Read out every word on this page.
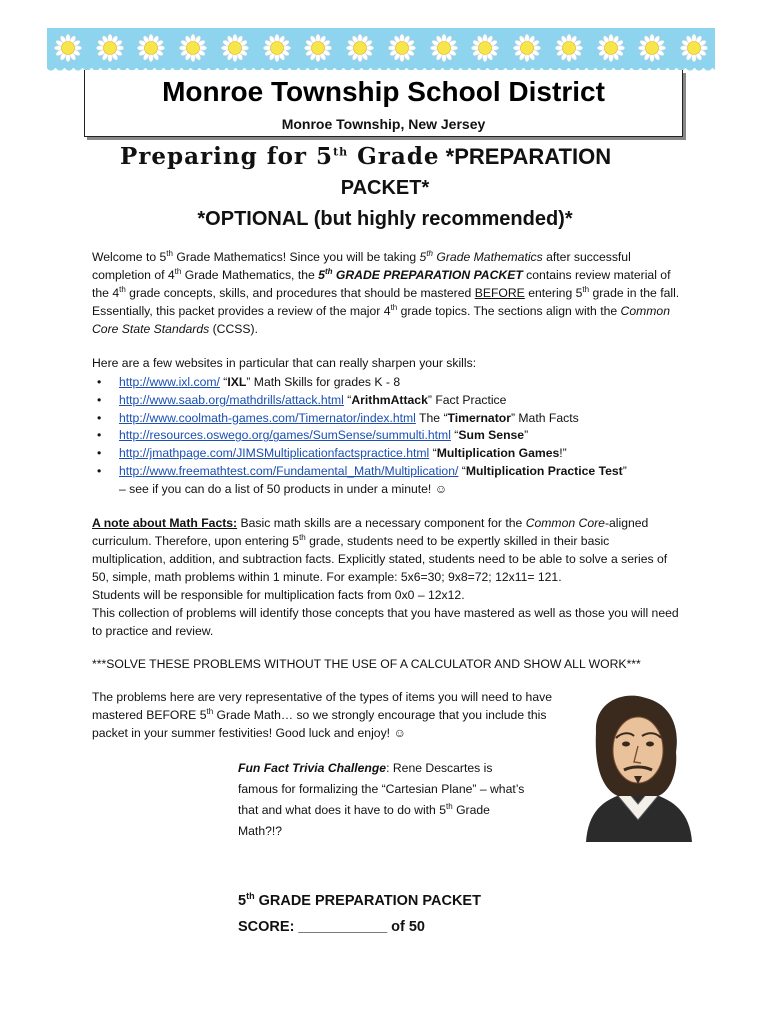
Monroe Township School District
Monroe Township, New Jersey
Preparing for 5th Grade *PREPARATION
PACKET*
*OPTIONAL (but highly recommended)*
Welcome to 5th Grade Mathematics! Since you will be taking 5th Grade Mathematics after successful completion of 4th Grade Mathematics, the 5th GRADE PREPARATION PACKET contains review material of the 4th grade concepts, skills, and procedures that should be mastered BEFORE entering 5th grade in the fall. Essentially, this packet provides a review of the major 4th grade topics. The sections align with the Common Core State Standards (CCSS).
Here are a few websites in particular that can really sharpen your skills:
• http://www.ixl.com/ “IXL” Math Skills for grades K - 8
• http://www.saab.org/mathdrills/attack.html “ArithmAttack” Fact Practice
• http://www.coolmath-games.com/Timernator/index.html The “Timernator” Math Facts
• http://resources.oswego.org/games/SumSense/summulti.html “Sum Sense”
• http://jmathpage.com/JIMSMultiplicationfactspractice.html “Multiplication Games!”
• http://www.freemathtest.com/Fundamental_Math/Multiplication/ “Multiplication Practice Test”
– see if you can do a list of 50 products in under a minute! ☺
A note about Math Facts: Basic math skills are a necessary component for the Common Core-aligned curriculum. Therefore, upon entering 5th grade, students need to be expertly skilled in their basic multiplication, addition, and subtraction facts. Explicitly stated, students need to be able to solve a series of 50, simple, math problems within 1 minute. For example: 5x6=30; 9x8=72; 12x11= 121.
Students will be responsible for multiplication facts from 0x0 – 12x12.
This collection of problems will identify those concepts that you have mastered as well as those you will need to practice and review.
***SOLVE THESE PROBLEMS WITHOUT THE USE OF A CALCULATOR AND SHOW ALL WORK***
The problems here are very representative of the types of items you will need to have mastered BEFORE 5th Grade Math… so we strongly encourage that you include this packet in your summer festivities! Good luck and enjoy! ☺
Fun Fact Trivia Challenge: Rene Descartes is famous for formalizing the “Cartesian Plane” – what’s that and what does it have to do with 5th Grade Math?!?
5th GRADE PREPARATION PACKET
SCORE: ___________ of 50
